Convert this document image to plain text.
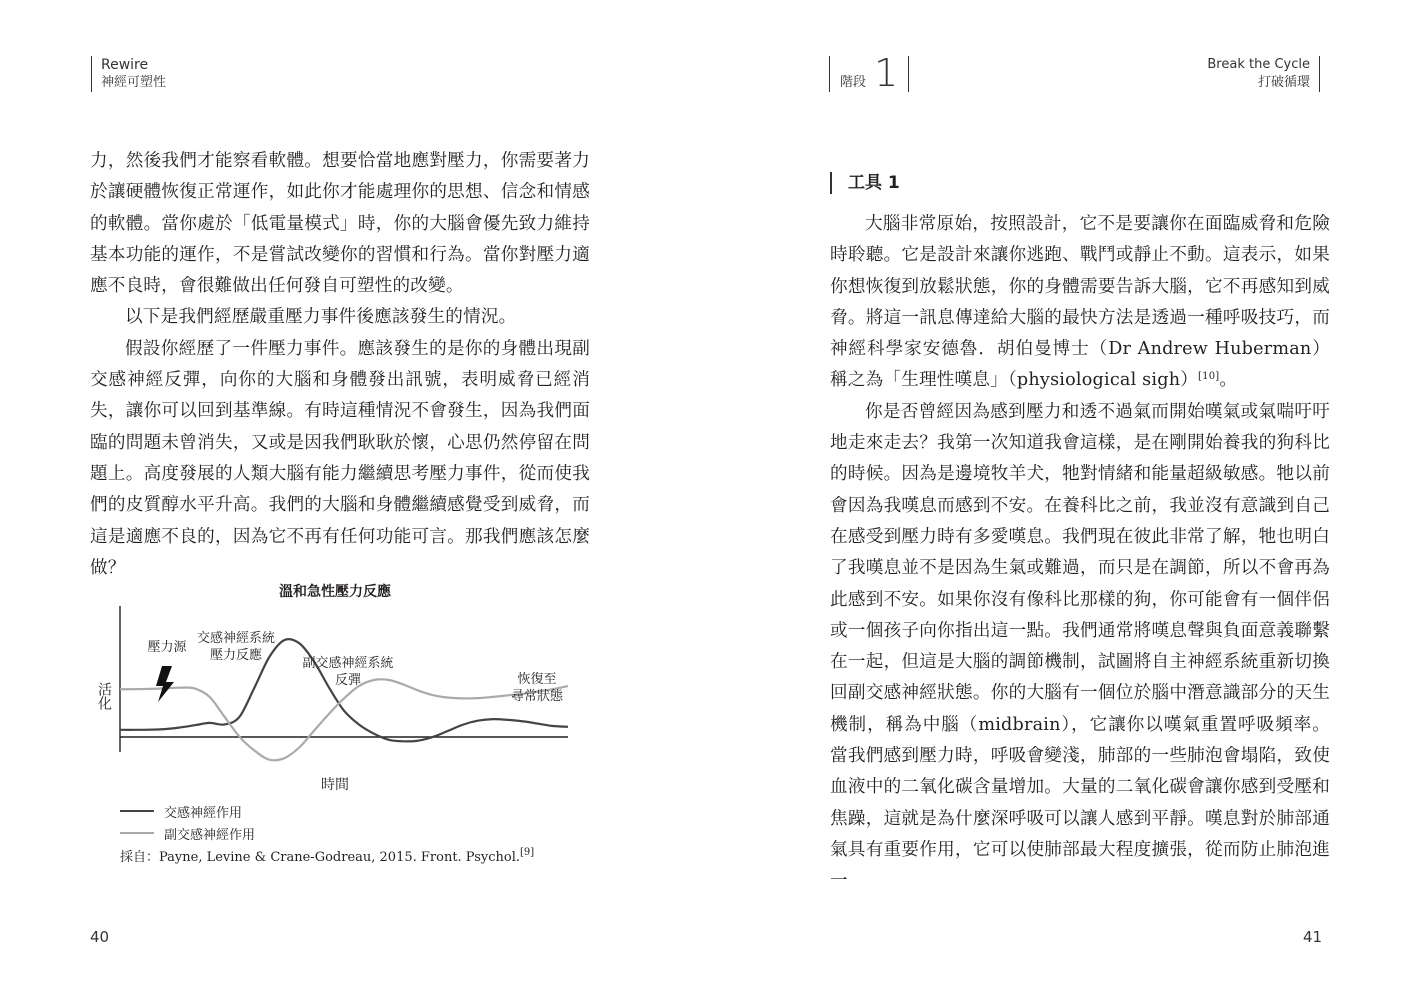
Rewire
神經可塑性

力，然後我們才能察看軟體。想要恰當地應對壓力，你需要著力於讓硬體恢復正常運作，如此你才能處理你的思想、信念和情感的軟體。當你處於「低電量模式」時，你的大腦會優先致力維持基本功能的運作，不是嘗試改變你的習慣和行為。當你對壓力適應不良時，會很難做出任何發自可塑性的改變。

以下是我們經歷嚴重壓力事件後應該發生的情況。

假設你經歷了一件壓力事件。應該發生的是你的身體出現副交感神經反彈，向你的大腦和身體發出訊號，表明威脅已經消失，讓你可以回到基準線。有時這種情況不會發生，因為我們面臨的問題未曾消失，又或是因我們耿耿於懷，心思仍然停留在問題上。高度發展的人類大腦有能力繼續思考壓力事件，從而使我們的皮質醇水平升高。我們的大腦和身體繼續感覺受到威脅，而這是適應不良的，因為它不再有任何功能可言。那我們應該怎麼做？

溫和急性壓力反應
活化
時間
壓力源
交感神經系統壓力反應
副交感神經系統反彈	恢復至尋常狀態
交感神經作用
副交感神經作用
採自：Payne, Levine & Crane-Godreau, 2015. Front. Psychol.[9]
40
階段 1	Break the Cycle
打破循環
工具 1

大腦非常原始，按照設計，它不是要讓你在面臨威脅和危險時聆聽。它是設計來讓你逃跑、戰鬥或靜止不動。這表示，如果你想恢復到放鬆狀態，你的身體需要告訴大腦，它不再感知到威脅。將這一訊息傳達給大腦的最快方法是透過一種呼吸技巧，而神經科學家安德魯．胡伯曼博士（Dr Andrew Huberman）稱之為「生理性嘆息」（physiological sigh）[10]。

你是否曾經因為感到壓力和透不過氣而開始嘆氣或氣喘吁吁地走來走去？我第一次知道我會這樣，是在剛開始養我的狗科比的時候。因為是邊境牧羊犬，牠對情緒和能量超級敏感。牠以前會因為我嘆息而感到不安。在養科比之前，我並沒有意識到自己在感受到壓力時有多愛嘆息。我們現在彼此非常了解，牠也明白了我嘆息並不是因為生氣或難過，而只是在調節，所以不會再為此感到不安。如果你沒有像科比那樣的狗，你可能會有一個伴侶或一個孩子向你指出這一點。我們通常將嘆息聲與負面意義聯繫在一起，但這是大腦的調節機制，試圖將自主神經系統重新切換回副交感神經狀態。你的大腦有一個位於腦中潛意識部分的天生機制，稱為中腦（midbrain），它讓你以嘆氣重置呼吸頻率。當我們感到壓力時，呼吸會變淺，肺部的一些肺泡會塌陷，致使血液中的二氧化碳含量增加。大量的二氧化碳會讓你感到受壓和焦躁，這就是為什麼深呼吸可以讓人感到平靜。嘆息對於肺部通氣具有重要作用，它可以使肺部最大程度擴張，從而防止肺泡進一

41
